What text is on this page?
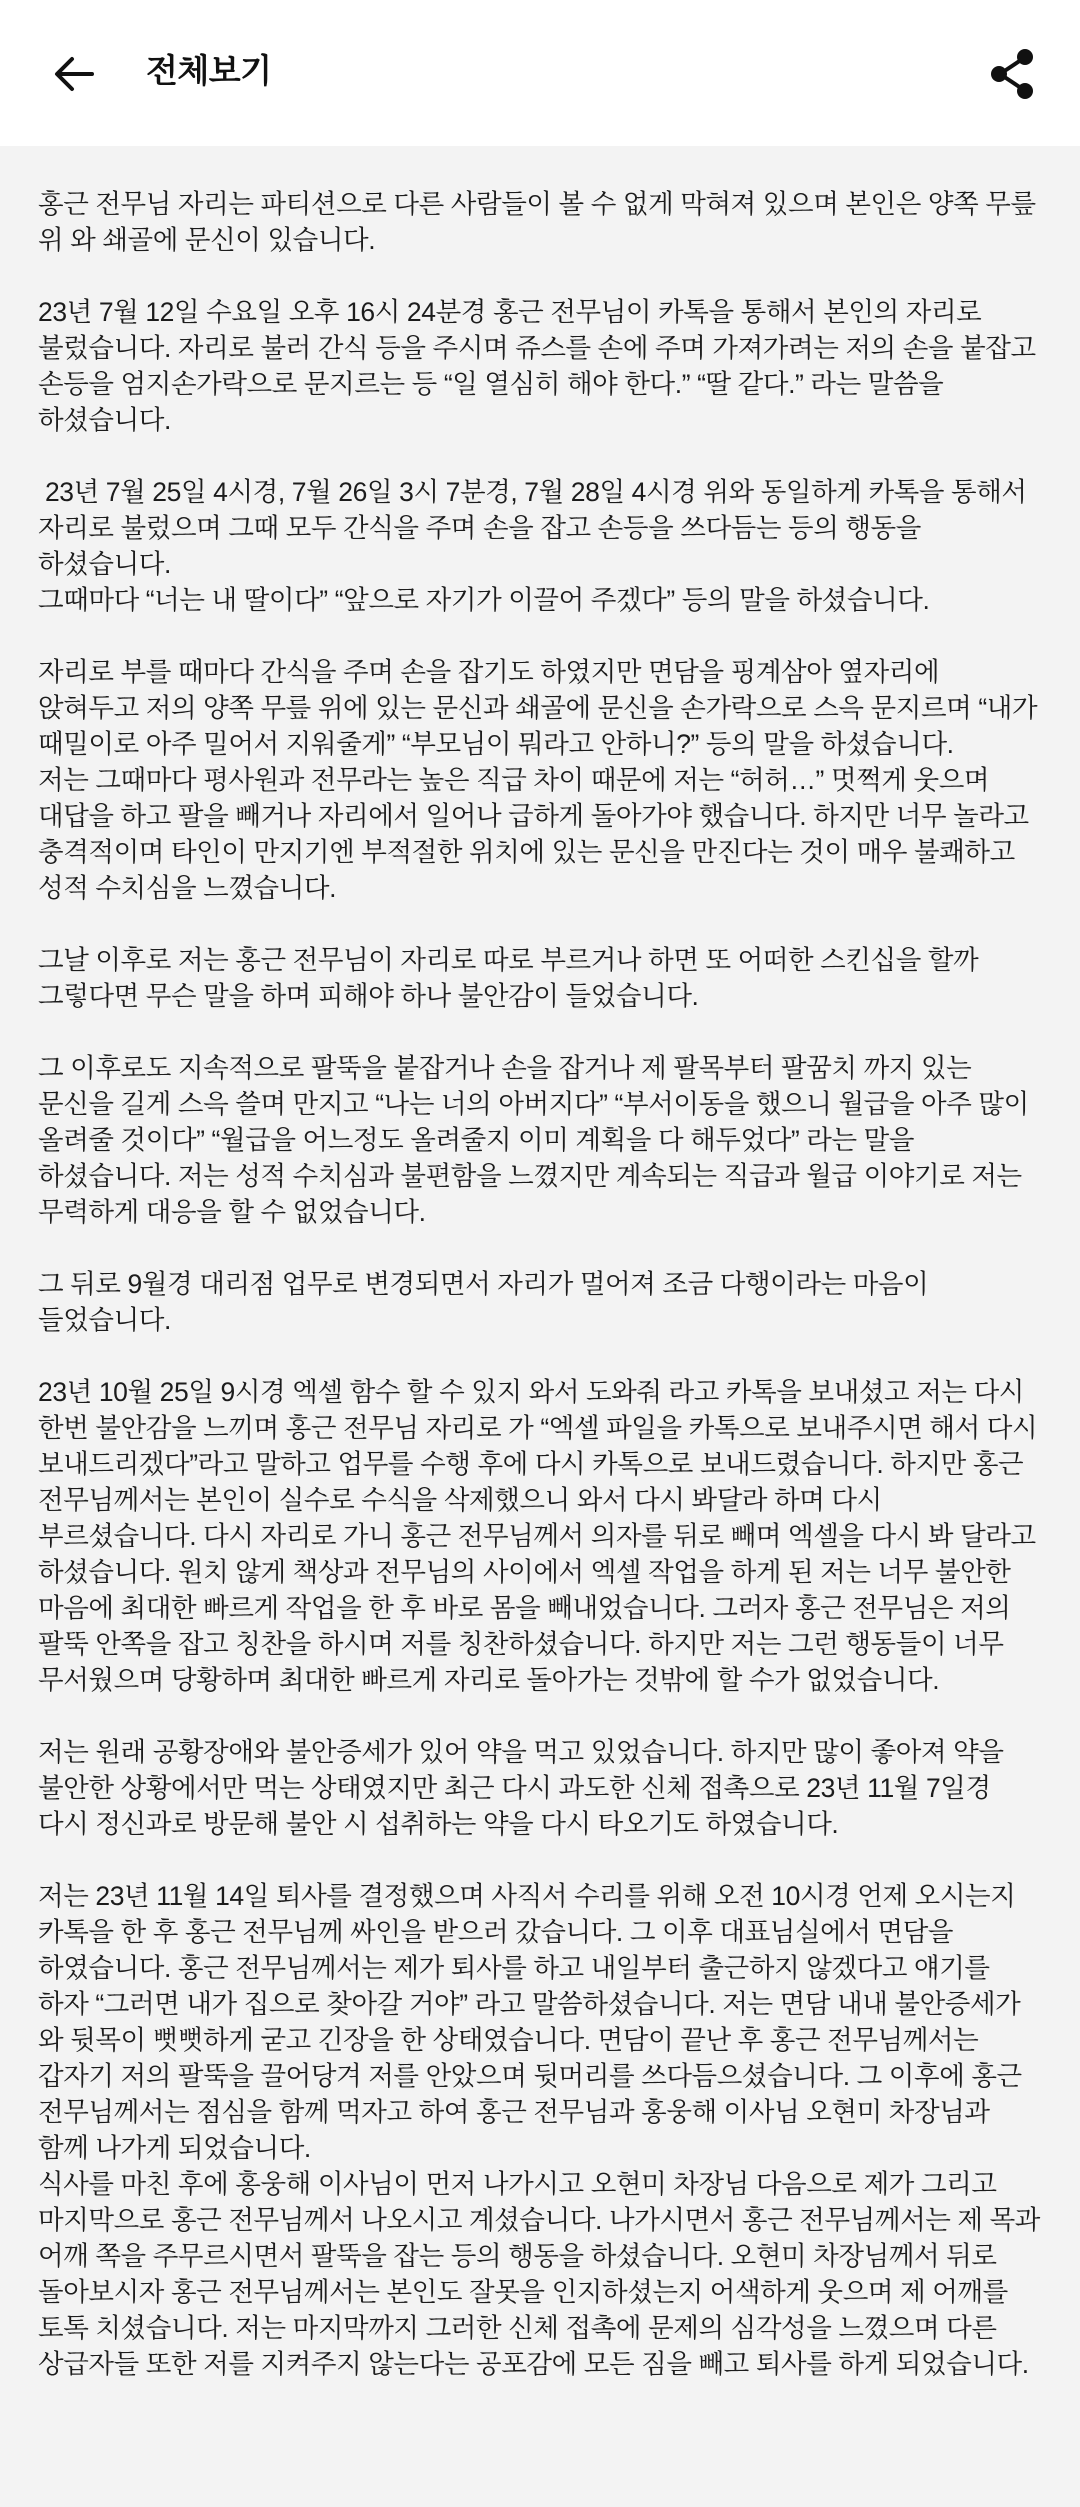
전체보기

홍근 전무님 자리는 파티션으로 다른 사람들이 볼 수 없게 막혀져 있으며 본인은 양쪽 무릎 위 와 쇄골에 문신이 있습니다.

23년 7월 12일 수요일 오후 16시 24분경 홍근 전무님이 카톡을 통해서 본인의 자리로 불렀습니다. 자리로 불러 간식 등을 주시며 쥬스를 손에 주며 가져가려는 저의 손을 붙잡고 손등을 엄지손가락으로 문지르는 등 “일 열심히 해야 한다.” “딸 같다.” 라는 말씀을 하셨습니다.

23년 7월 25일 4시경, 7월 26일 3시 7분경, 7월 28일 4시경 위와 동일하게 카톡을 통해서 자리로 불렀으며 그때 모두 간식을 주며 손을 잡고 손등을 쓰다듬는 등의 행동을 하셨습니다.
그때마다 “너는 내 딸이다” “앞으로 자기가 이끌어 주겠다” 등의 말을 하셨습니다.

자리로 부를 때마다 간식을 주며 손을 잡기도 하였지만 면담을 핑계삼아 옆자리에 앉혀두고 저의 양쪽 무릎 위에 있는 문신과 쇄골에 문신을 손가락으로 스윽 문지르며 “내가 때밀이로 아주 밀어서 지워줄게” “부모님이 뭐라고 안하니?” 등의 말을 하셨습니다.
저는 그때마다 평사원과 전무라는 높은 직급 차이 때문에 저는 “허허…” 멋쩍게 웃으며 대답을 하고 팔을 빼거나 자리에서 일어나 급하게 돌아가야 했습니다. 하지만 너무 놀라고 충격적이며 타인이 만지기엔 부적절한 위치에 있는 문신을 만진다는 것이 매우 불쾌하고 성적 수치심을 느꼈습니다.

그날 이후로 저는 홍근 전무님이 자리로 따로 부르거나 하면 또 어떠한 스킨십을 할까 그렇다면 무슨 말을 하며 피해야 하나 불안감이 들었습니다.

그 이후로도 지속적으로 팔뚝을 붙잡거나 손을 잡거나 제 팔목부터 팔꿈치 까지 있는 문신을 길게 스윽 쓸며 만지고 “나는 너의 아버지다” “부서이동을 했으니 월급을 아주 많이 올려줄 것이다” “월급을 어느정도 올려줄지 이미 계획을 다 해두었다” 라는 말을 하셨습니다. 저는 성적 수치심과 불편함을 느꼈지만 계속되는 직급과 월급 이야기로 저는 무력하게 대응을 할 수 없었습니다.

그 뒤로 9월경 대리점 업무로 변경되면서 자리가 멀어져 조금 다행이라는 마음이 들었습니다.

23년 10월 25일 9시경 엑셀 함수 할 수 있지 와서 도와줘 라고 카톡을 보내셨고 저는 다시 한번 불안감을 느끼며 홍근 전무님 자리로 가 “엑셀 파일을 카톡으로 보내주시면 해서 다시 보내드리겠다”라고 말하고 업무를 수행 후에 다시 카톡으로 보내드렸습니다. 하지만 홍근 전무님께서는 본인이 실수로 수식을 삭제했으니 와서 다시 봐달라 하며 다시 부르셨습니다. 다시 자리로 가니 홍근 전무님께서 의자를 뒤로 빼며 엑셀을 다시 봐 달라고 하셨습니다. 원치 않게 책상과 전무님의 사이에서 엑셀 작업을 하게 된 저는 너무 불안한 마음에 최대한 빠르게 작업을 한 후 바로 몸을 빼내었습니다. 그러자 홍근 전무님은 저의 팔뚝 안쪽을 잡고 칭찬을 하시며 저를 칭찬하셨습니다. 하지만 저는 그런 행동들이 너무 무서웠으며 당황하며 최대한 빠르게 자리로 돌아가는 것밖에 할 수가 없었습니다.

저는 원래 공황장애와 불안증세가 있어 약을 먹고 있었습니다. 하지만 많이 좋아져 약을 불안한 상황에서만 먹는 상태였지만 최근 다시 과도한 신체 접촉으로 23년 11월 7일경 다시 정신과로 방문해 불안 시 섭취하는 약을 다시 타오기도 하였습니다.

저는 23년 11월 14일 퇴사를 결정했으며 사직서 수리를 위해 오전 10시경 언제 오시는지 카톡을 한 후 홍근 전무님께 싸인을 받으러 갔습니다. 그 이후 대표님실에서 면담을 하였습니다. 홍근 전무님께서는 제가 퇴사를 하고 내일부터 출근하지 않겠다고 얘기를 하자 “그러면 내가 집으로 찾아갈 거야” 라고 말씀하셨습니다. 저는 면담 내내 불안증세가 와 뒷목이 뻣뻣하게 굳고 긴장을 한 상태였습니다. 면담이 끝난 후 홍근 전무님께서는 갑자기 저의 팔뚝을 끌어당겨 저를 안았으며 뒷머리를 쓰다듬으셨습니다. 그 이후에 홍근 전무님께서는 점심을 함께 먹자고 하여 홍근 전무님과 홍웅해 이사님 오현미 차장님과 함께 나가게 되었습니다.
식사를 마친 후에 홍웅해 이사님이 먼저 나가시고 오현미 차장님 다음으로 제가 그리고 마지막으로 홍근 전무님께서 나오시고 계셨습니다. 나가시면서 홍근 전무님께서는 제 목과 어깨 쪽을 주무르시면서 팔뚝을 잡는 등의 행동을 하셨습니다. 오현미 차장님께서 뒤로 돌아보시자 홍근 전무님께서는 본인도 잘못을 인지하셨는지 어색하게 웃으며 제 어깨를 토톡 치셨습니다. 저는 마지막까지 그러한 신체 접촉에 문제의 심각성을 느꼈으며 다른 상급자들 또한 저를 지켜주지 않는다는 공포감에 모든 짐을 빼고 퇴사를 하게 되었습니다.
